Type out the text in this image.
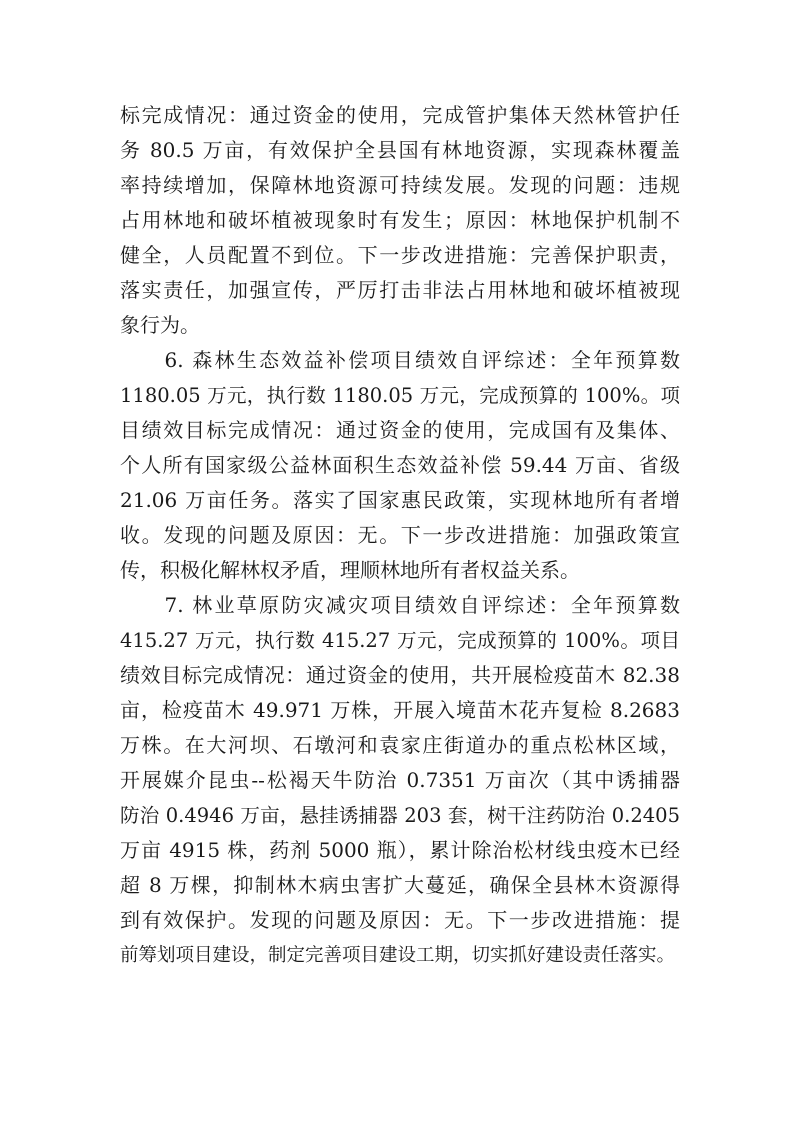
标完成情况：通过资金的使用，完成管护集体天然林管护任
务 80.5 万亩，有效保护全县国有林地资源，实现森林覆盖
率持续增加，保障林地资源可持续发展。发现的问题：违规
占用林地和破坏植被现象时有发生；原因：林地保护机制不
健全，人员配置不到位。下一步改进措施：完善保护职责，
落实责任，加强宣传，严厉打击非法占用林地和破坏植被现
象行为。
　　6. 森林生态效益补偿项目绩效自评综述：全年预算数
1180.05 万元，执行数 1180.05 万元，完成预算的 100%。项
目绩效目标完成情况：通过资金的使用，完成国有及集体、
个人所有国家级公益林面积生态效益补偿 59.44 万亩、省级
21.06 万亩任务。落实了国家惠民政策，实现林地所有者增
收。发现的问题及原因：无。下一步改进措施：加强政策宣
传，积极化解林权矛盾，理顺林地所有者权益关系。
　　7. 林业草原防灾减灾项目绩效自评综述：全年预算数
415.27 万元，执行数 415.27 万元，完成预算的 100%。项目
绩效目标完成情况：通过资金的使用，共开展检疫苗木 82.38
亩，检疫苗木 49.971 万株，开展入境苗木花卉复检 8.2683
万株。在大河坝、石墩河和袁家庄街道办的重点松林区域，
开展媒介昆虫--松褐天牛防治 0.7351 万亩次（其中诱捕器
防治 0.4946 万亩，悬挂诱捕器 203 套，树干注药防治 0.2405
万亩 4915 株，药剂 5000 瓶），累计除治松材线虫疫木已经
超 8 万棵，抑制林木病虫害扩大蔓延，确保全县林木资源得
到有效保护。发现的问题及原因：无。下一步改进措施：提
前筹划项目建设，制定完善项目建设工期，切实抓好建设责任落实。
